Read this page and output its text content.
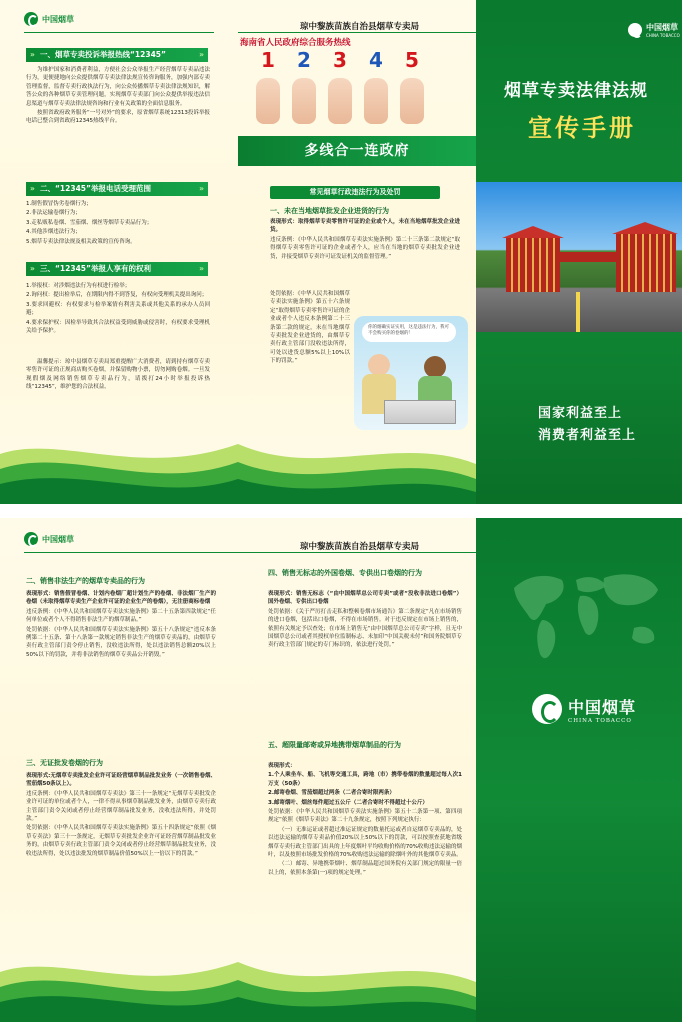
中国烟草
» 一、烟草专卖投诉举报热线“12345” »

为维护国家和消费者利益，方便社会公众举报生产经营烟草专卖品违法行为，更便捷地向公众提供烟草专卖法律法规宣传咨询服务，加强内部专卖管理监督，监督专卖行政执法行为，向公众传播烟草专卖法律法规知识，解答公众的各种烟草专卖管理问题，实现烟草专卖部门向公众提供举报违法信息渠道与烟草专卖法律法规咨询和行业有关政策的全面信息服务。

按照省政府政务服务“一号对外”的要求，原省烟草系统12313投诉举报电话已整合到省政府12345热线平台。

» 二、“12345”举报电话受理范围 »

1.制售假冒伪劣卷烟行为；

2.非法运输卷烟行为；

3.走私贩私卷烟、雪茄烟、烟丝等烟草专卖品行为；

4.其他涉烟违法行为；

5.烟草专卖法律法规及相关政策的宣传咨询。

» 三、“12345”举报人享有的权利 »

1.举报权：对涉烟违法行为有权进行检举；

2.询问权：提出检举后，在期限内得不到答复，有权向受理机关提出询问；

3.要求回避权：有权要求与检举案情有利害关系或其他关系的承办人员回避；

4.要求保护权：因检举导致其合法权益受到威胁或侵害时，有权要求受理机关给予保护。

温馨提示：琼中县烟草专卖局郑重提醒广大消费者，请到持有烟草专卖零售许可证的正规商店购买卷烟，并保留购物小票，切勿网购卷烟。一旦发现假烟及网络销售烟草专卖品行为，请拨打24小时举报投诉热线“12345”，维护您的合法权益。

琼中黎族苗族自治县烟草专卖局
海南省人民政府综合服务热线
1	2	3	4	5
多线合一连政府
常见烟草行政违法行为及处罚
一、未在当地烟草批发企业进货的行为

表现形式：取得烟草专卖零售许可证的企业或个人，未在当地烟草批发企业进货。

违反条例：《中华人民共和国烟草专卖法实施条例》第二十三条第二款规定“取得烟草专卖零售许可证的企业或者个人，应当在当地的烟草专卖批发企业进货，并接受烟草专卖许可证发证机关的监督管理。”

处罚依据：《中华人民共和国烟草专卖法实施条例》第五十六条规定“取得烟草专卖零售许可证的企业或者个人违反本条例第二十三条第二款的规定，未在当地烟草专卖批发企业进货的，由烟草专卖行政主管部门没收违法所得，可处以进货总额5%以上10%以下的罚款。”

你的烟确实证实用，这是违法行为，我可不会购买你的卷烟的！
中国烟草
CHINA TOBACCO
烟草专卖法律法规
宣传手册
国家利益至上
消费者利益至上
中国烟草
二、销售非法生产的烟草专卖品的行为

表现形式：销售假冒卷烟、计划内卷烟厂超计划生产的卷烟、非法烟厂生产的卷烟（未取得烟草专卖生产企业许可证的企业生产的卷烟），无注册商标卷烟

违反条例：《中华人民共和国烟草专卖法实施条例》第二十五条第四款规定“任何单位或者个人不得销售非法生产的烟草制品。”

处罚依据：《中华人民共和国烟草专卖法实施条例》第五十八条规定“违反本条例第二十五条、第十八条第一款规定销售非法生产的烟草专卖品的，由烟草专卖行政主管部门责令停止销售，没收违法所得，处以违法销售总额20%以上50%以下的罚款，并将非法销售的烟草专卖品公开销毁。”

三、无证批发卷烟的行为

表现形式:无烟草专卖批发企业许可证经营烟草制品批发业务（一次销售卷烟、雪茄烟50条以上）。

违反条例：《中华人民共和国烟草专卖法》第三十一条规定“无烟草专卖批发企业许可证的单位或者个人，一律不得从事烟草制品批发业务，由烟草专卖行政主管部门责令关闭或者停止经营烟草制品批发业务，没收违法所得，并处罚款。”

处罚依据：《中华人民共和国烟草专卖法实施条例》第五十四条规定“依照《烟草专卖法》第三十一条规定，无烟草专卖批发企业许可证经营烟草制品批发业务的，由烟草专卖行政主管部门责令关闭或者停止经营烟草制品批发业务，没收违法所得，处以违法批发的烟草制品价值50%以上一倍以下的罚款。”

琼中黎族苗族自治县烟草专卖局
四、销售无标志的外国卷烟、专供出口卷烟的行为

表现形式：销售无标志（“由中国烟草总公司专卖”或者“没收非法进口卷烟”）国外卷烟、专供出口卷烟

处罚依据：《关于严厉打击走私和整顿卷烟市场通告》第二条规定“凡在市场销售的进口卷烟，包括出口卷烟，不得在市场销售。对于违反规定在市场上销售的，依照有关规定予以查处；在市场上销售无“由中国烟草总公司专卖”字样，且无中国烟草总公司或者其授权单位监制标志、未加印“中国关税未付”和国务院烟草专卖行政主管部门规定的专门标识的，依法进行处罚。”

五、超限量邮寄或异地携带烟草制品的行为

表现形式：

1.个人乘坐车、船、飞机等交通工具，跨地（市）携带卷烟的数量超过每人次1万支（50条）

2.邮寄卷烟、雪茄烟超过两条（二者合寄时限两条）

3.邮寄烟叶、烟丝每件超过五公斤（二者合寄时不得超过十公斤）

处罚依据：《中华人民共和国烟草专卖法实施条例》第五十二条第一项、第四项规定“依照《烟草专卖法》第二十九条规定，按照下列规定执行：

（一）无准运证或者超过准运证规定的数量托运或者自运烟草专卖品的，处以违法运输的烟草专卖品价值20%以上50%以下的罚款，可以按照查获地省级烟草专卖行政主管部门出具的上年度烟叶平均收购价格的70%收购违法运输的烟叶，以及按照市场批发价格的70%收购违法运输的除烟叶外的其他烟草专卖品。

（二）邮寄、异地携带烟叶、烟草制品超过国务院有关部门规定的限量一倍以上的，依照本条第(一)项的规定处理。”

中国烟草
CHINA TOBACCO
